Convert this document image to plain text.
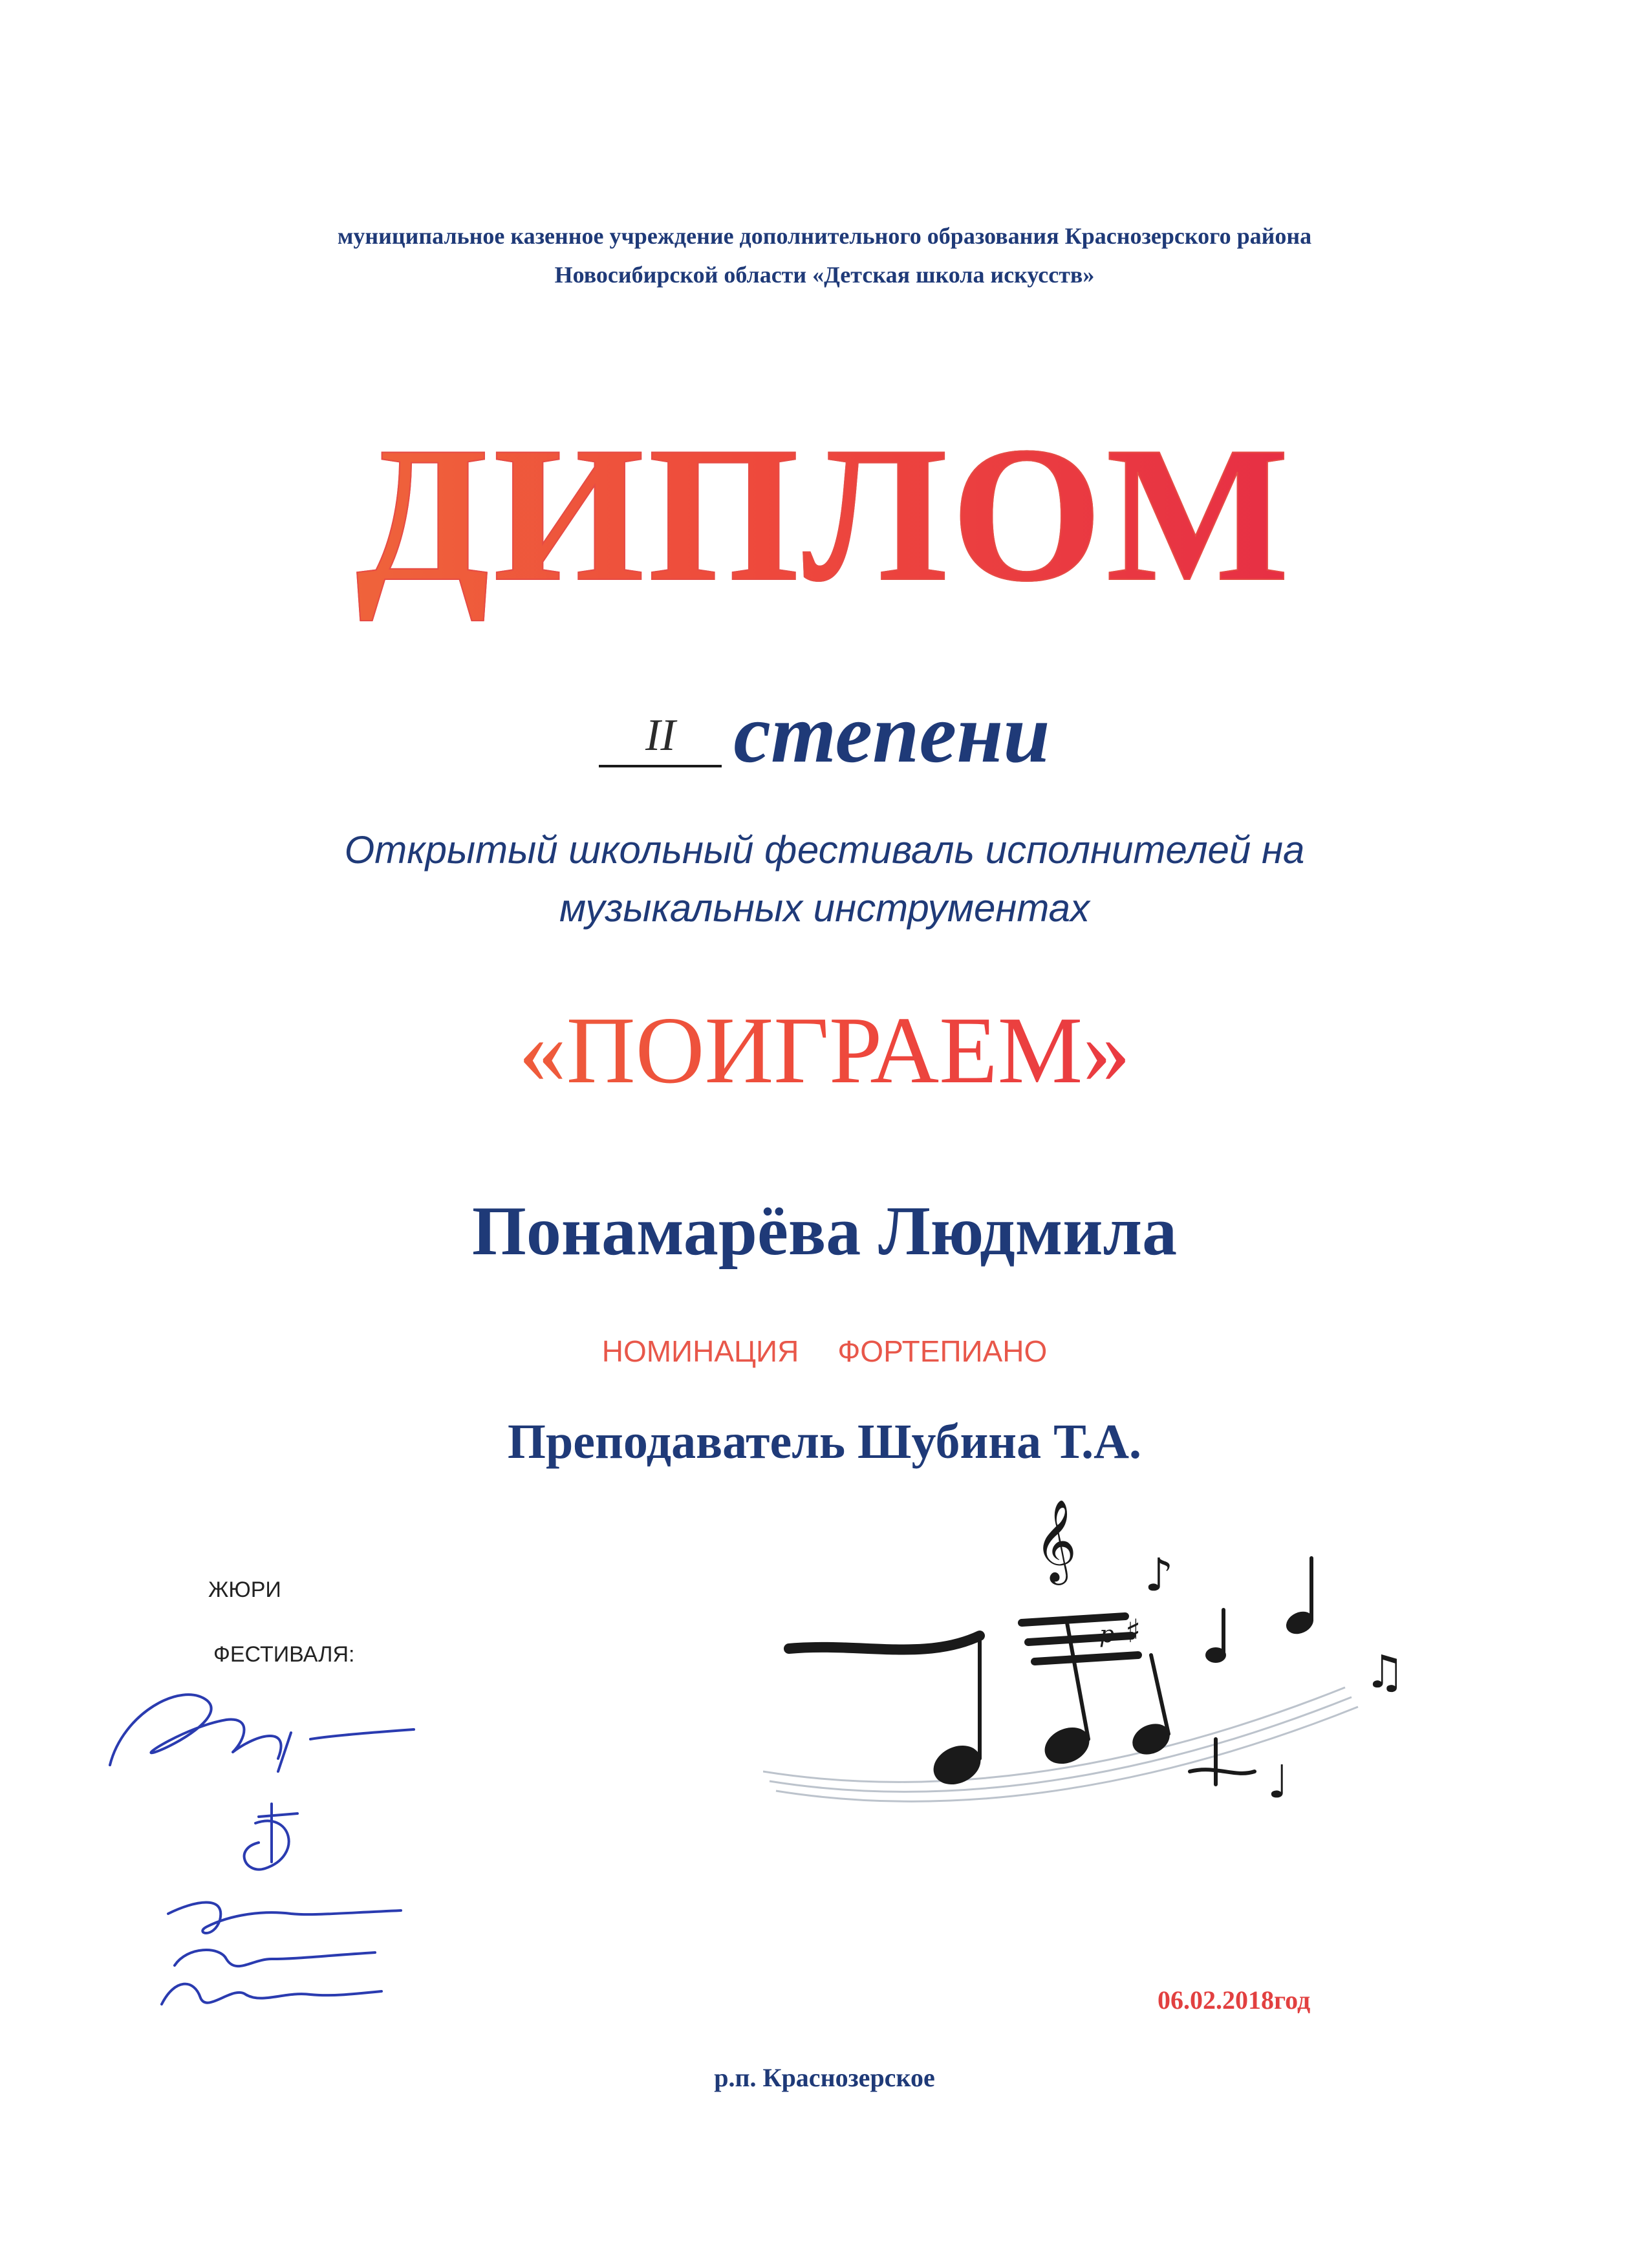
муниципальное казенное учреждение дополнительного образования Краснозерского района
Новосибирской области «Детская школа искусств»
ДИПЛОМ
II степени
Открытый школьный фестиваль исполнителей на
музыкальных инструментах
«ПОИГРАЕМ»
Понамарёва Людмила
НОМИНАЦИЯ ФОРТЕПИАНО
Преподаватель Шубина Т.А.
ЖЮРИ
ФЕСТИВАЛЯ:
𝄞
♯
♪
♩
♫
p
06.02.2018год
р.п. Краснозерское
